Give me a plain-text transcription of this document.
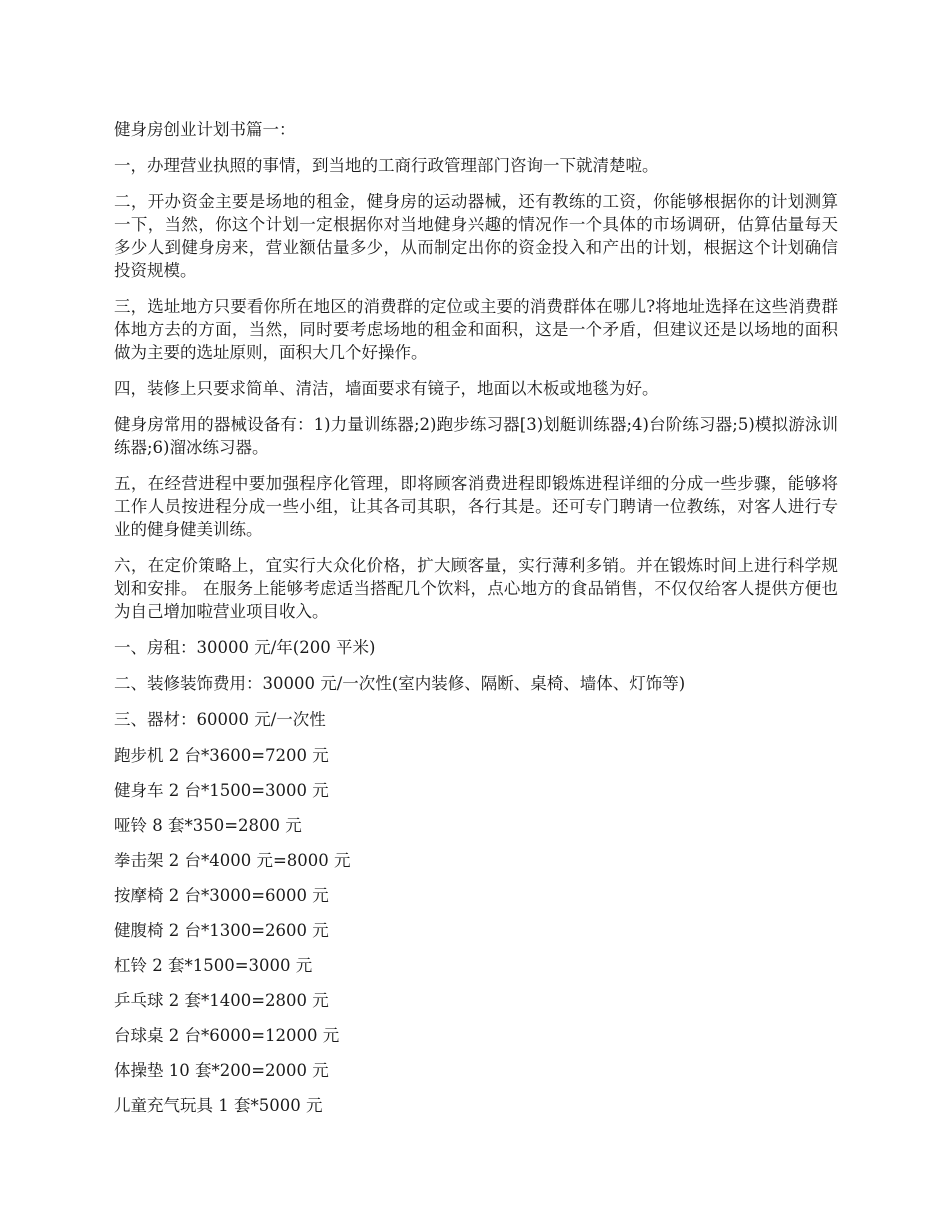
健身房创业计划书篇一：

一，办理营业执照的事情，到当地的工商行政管理部门咨询一下就清楚啦。

二，开办资金主要是场地的租金，健身房的运动器械，还有教练的工资，你能够根据你的计划测算一下，当然，你这个计划一定根据你对当地健身兴趣的情况作一个具体的市场调研，估算估量每天多少人到健身房来，营业额估量多少，从而制定出你的资金投入和产出的计划，根据这个计划确信投资规模。

三，选址地方只要看你所在地区的消费群的定位或主要的消费群体在哪儿?将地址选择在这些消费群体地方去的方面，当然，同时要考虑场地的租金和面积，这是一个矛盾，但建议还是以场地的面积做为主要的选址原则，面积大几个好操作。

四，装修上只要求简单、清洁，墙面要求有镜子，地面以木板或地毯为好。

健身房常用的器械设备有：1)力量训练器;2)跑步练习器[3)划艇训练器;4)台阶练习器;5)模拟游泳训练器;6)溜冰练习器。

五，在经营进程中要加强程序化管理，即将顾客消费进程即锻炼进程详细的分成一些步骤，能够将工作人员按进程分成一些小组，让其各司其职，各行其是。还可专门聘请一位教练，对客人进行专业的健身健美训练。

六，在定价策略上，宜实行大众化价格，扩大顾客量，实行薄利多销。并在锻炼时间上进行科学规划和安排。 在服务上能够考虑适当搭配几个饮料，点心地方的食品销售，不仅仅给客人提供方便也为自己增加啦营业项目收入。

一、房租：30000 元/年(200 平米)

二、装修装饰费用：30000 元/一次性(室内装修、隔断、桌椅、墙体、灯饰等)

三、器材：60000 元/一次性

跑步机 2 台*3600=7200 元

健身车 2 台*1500=3000 元

哑铃 8 套*350=2800 元

拳击架 2 台*4000 元=8000 元

按摩椅 2 台*3000=6000 元

健腹椅 2 台*1300=2600 元

杠铃 2 套*1500=3000 元

乒乓球 2 套*1400=2800 元

台球桌 2 台*6000=12000 元

体操垫 10 套*200=2000 元

儿童充气玩具 1 套*5000 元
